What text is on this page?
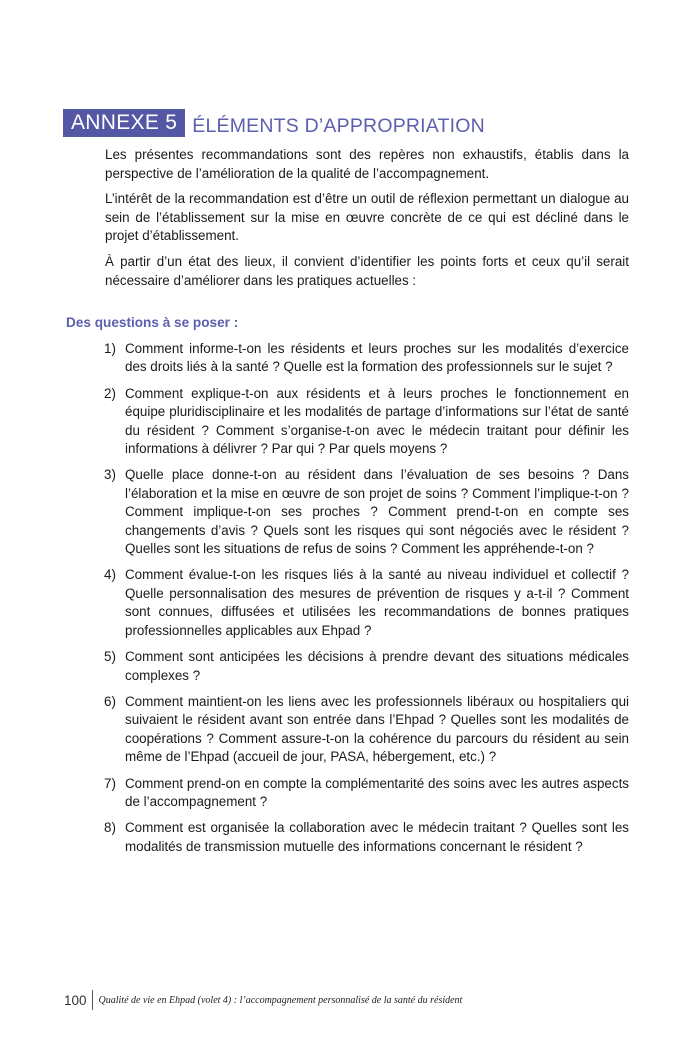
ANNEXE 5 ÉLÉMENTS D’APPROPRIATION

Les présentes recommandations sont des repères non exhaustifs, établis dans la perspective de l’amélioration de la qualité de l’accompagnement.

L’intérêt de la recommandation est d’être un outil de réflexion permettant un dialogue au sein de l’établissement sur la mise en œuvre concrète de ce qui est décliné dans le projet d’établissement.

À partir d’un état des lieux, il convient d’identifier les points forts et ceux qu’il serait nécessaire d’améliorer dans les pratiques actuelles :

Des questions à se poser :
1) Comment informe-t-on les résidents et leurs proches sur les modalités d’exercice des droits liés à la santé ? Quelle est la formation des professionnels sur le sujet ?
2) Comment explique-t-on aux résidents et à leurs proches le fonctionnement en équipe pluridisciplinaire et les modalités de partage d’informations sur l’état de santé du résident ? Comment s’organise-t-on avec le médecin traitant pour définir les informations à délivrer ? Par qui ? Par quels moyens ?
3) Quelle place donne-t-on au résident dans l’évaluation de ses besoins ? Dans l’élaboration et la mise en œuvre de son projet de soins ? Comment l’implique-t-on ? Comment implique-t-on ses proches ? Comment prend-t-on en compte ses changements d’avis ? Quels sont les risques qui sont négociés avec le résident ? Quelles sont les situations de refus de soins ? Comment les appréhende-t-on ?
4) Comment évalue-t-on les risques liés à la santé au niveau individuel et collectif ? Quelle personnalisation des mesures de prévention de risques y a-t-il ? Comment sont connues, diffusées et utilisées les recommandations de bonnes pratiques professionnelles applicables aux Ehpad ?
5) Comment sont anticipées les décisions à prendre devant des situations médicales complexes ?
6) Comment maintient-on les liens avec les professionnels libéraux ou hospitaliers qui suivaient le résident avant son entrée dans l’Ehpad ? Quelles sont les modalités de coopérations ? Comment assure-t-on la cohérence du parcours du résident au sein même de l’Ehpad (accueil de jour, PASA, hébergement, etc.) ?
7) Comment prend-on en compte la complémentarité des soins avec les autres aspects de l’accompagnement ?
8) Comment est organisée la collaboration avec le médecin traitant ? Quelles sont les modalités de transmission mutuelle des informations concernant le résident ?
100 Qualité de vie en Ehpad (volet 4) : l’accompagnement personnalisé de la santé du résident
